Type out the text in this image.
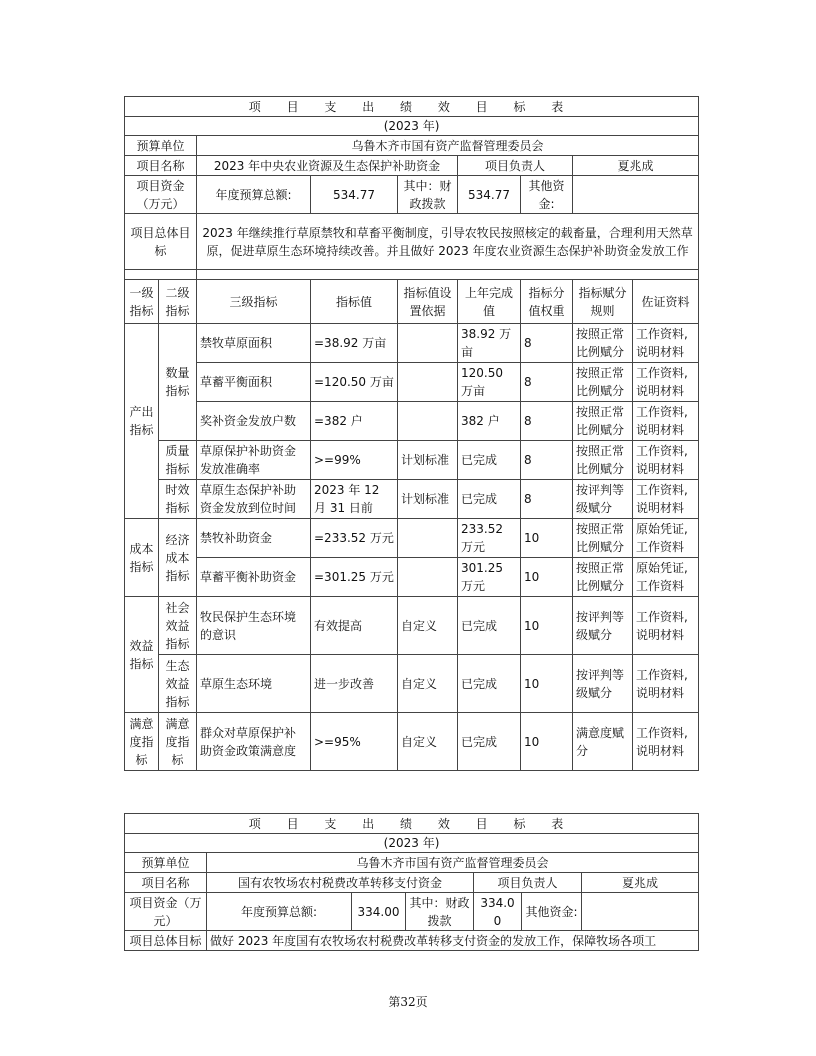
项 目 支 出 绩 效 目 标 表								
(2023 年)								
预算单位		乌鲁木齐市国有资产监督管理委员会						
项目名称		2023 年中央农业资源及生态保护补助资金			项目负责人		夏兆成	
项目资金（万元）		年度预算总额:	534.77	其中：财政拨款	534.77	其他资金:		
项目总体目标		2023 年继续推行草原禁牧和草畜平衡制度，引导农牧民按照核定的载畜量，合理利用天然草原，促进草原生态环境持续改善。并且做好 2023 年度农业资源生态保护补助资金发放工作						

一级指标	二级指标	三级指标	指标值	指标值设置依据	上年完成值	指标分值权重	指标赋分规则	佐证资料
产出指标	数量指标	禁牧草原面积	=38.92 万亩		38.92 万亩	8	按照正常比例赋分	工作资料,说明材料
		草蓄平衡面积	=120.50 万亩		120.50 万亩	8	按照正常比例赋分	工作资料,说明材料
		奖补资金发放户数	=382 户		382 户	8	按照正常比例赋分	工作资料,说明材料
	质量指标	草原保护补助资金发放准确率	>=99%	计划标准	已完成	8	按照正常比例赋分	工作资料,说明材料
	时效指标	草原生态保护补助资金发放到位时间	2023 年 12 月 31 日前	计划标准	已完成	8	按评判等级赋分	工作资料,说明材料
成本指标	经济成本指标	禁牧补助资金	=233.52 万元		233.52 万元	10	按照正常比例赋分	原始凭证,工作资料
		草蓄平衡补助资金	=301.25 万元		301.25 万元	10	按照正常比例赋分	原始凭证,工作资料
效益指标	社会效益指标	牧民保护生态环境的意识	有效提高	自定义	已完成	10	按评判等级赋分	工作资料,说明材料
	生态效益指标	草原生态环境	进一步改善	自定义	已完成	10	按评判等级赋分	工作资料,说明材料
满意度指标	满意度指标	群众对草原保护补助资金政策满意度	>=95%	自定义	已完成	10	满意度赋分	工作资料,说明材料
项 目 支 出 绩 效 目 标 表						
(2023 年)						
预算单位	乌鲁木齐市国有资产监督管理委员会					
项目名称	国有农牧场农村税费改革转移支付资金			项目负责人		夏兆成
项目资金（万元）	年度预算总额:	334.00	其中：财政拨款	334.00	其他资金:	
项目总体目标	做好 2023 年度国有农牧场农村税费改革转移支付资金的发放工作，保障牧场各项工					
第32页
